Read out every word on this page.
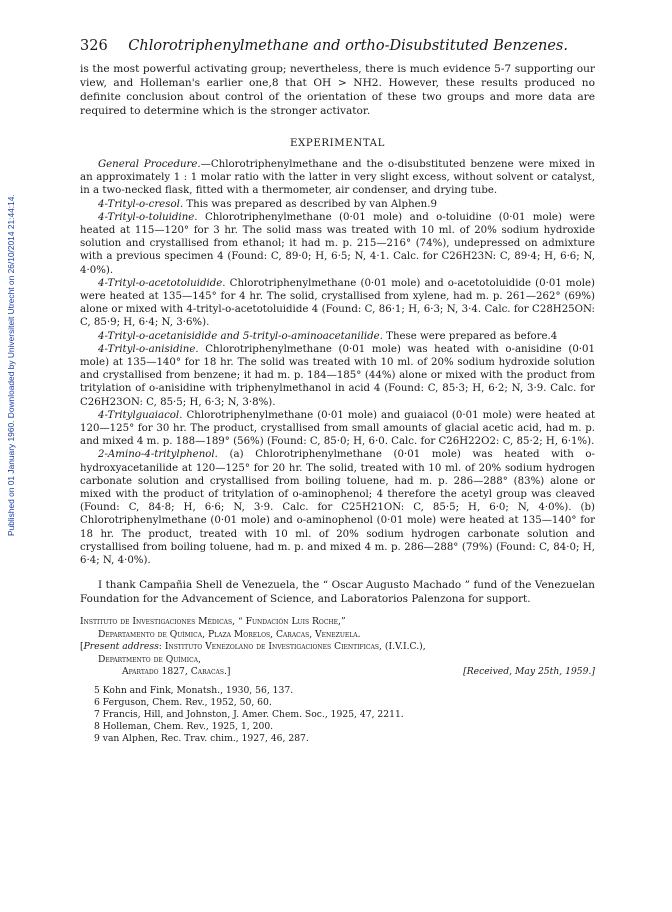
Published on 01 January 1960. Downloaded by Universiteit Utrecht on 26/10/2014 21:44:14.
326 Chlorotriphenylmethane and ortho-Disubstituted Benzenes.

is the most powerful activating group; nevertheless, there is much evidence 5-7 supporting our view, and Holleman's earlier one,8 that OH > NH2. However, these results produced no definite conclusion about control of the orientation of these two groups and more data are required to determine which is the stronger activator.

EXPERIMENTAL

General Procedure.—Chlorotriphenylmethane and the o-disubstituted benzene were mixed in an approximately 1 : 1 molar ratio with the latter in very slight excess, without solvent or catalyst, in a two-necked flask, fitted with a thermometer, air condenser, and drying tube.

4-Trityl-o-cresol. This was prepared as described by van Alphen.9

4-Trityl-o-toluidine. Chlorotriphenylmethane (0·01 mole) and o-toluidine (0·01 mole) were heated at 115—120° for 3 hr. The solid mass was treated with 10 ml. of 20% sodium hydroxide solution and crystallised from ethanol; it had m. p. 215—216° (74%), undepressed on admixture with a previous specimen 4 (Found: C, 89·0; H, 6·5; N, 4·1. Calc. for C26H23N: C, 89·4; H, 6·6; N, 4·0%).

4-Trityl-o-acetotoluidide. Chlorotriphenylmethane (0·01 mole) and o-acetotoluidide (0·01 mole) were heated at 135—145° for 4 hr. The solid, crystallised from xylene, had m. p. 261—262° (69%) alone or mixed with 4-trityl-o-acetotoluidide 4 (Found: C, 86·1; H, 6·3; N, 3·4. Calc. for C28H25ON: C, 85·9; H, 6·4; N, 3·6%).

4-Trityl-o-acetanisidide and 5-trityl-o-aminoacetanilide. These were prepared as before.4

4-Trityl-o-anisidine. Chlorotriphenylmethane (0·01 mole) was heated with o-anisidine (0·01 mole) at 135—140° for 18 hr. The solid was treated with 10 ml. of 20% sodium hydroxide solution and crystallised from benzene; it had m. p. 184—185° (44%) alone or mixed with the product from tritylation of o-anisidine with triphenylmethanol in acid 4 (Found: C, 85·3; H, 6·2; N, 3·9. Calc. for C26H23ON: C, 85·5; H, 6·3; N, 3·8%).

4-Tritylguaiacol. Chlorotriphenylmethane (0·01 mole) and guaiacol (0·01 mole) were heated at 120—125° for 30 hr. The product, crystallised from small amounts of glacial acetic acid, had m. p. and mixed 4 m. p. 188—189° (56%) (Found: C, 85·0; H, 6·0. Calc. for C26H22O2: C, 85·2; H, 6·1%).

2-Amino-4-tritylphenol. (a) Chlorotriphenylmethane (0·01 mole) was heated with o-hydroxyacetanilide at 120—125° for 20 hr. The solid, treated with 10 ml. of 20% sodium hydrogen carbonate solution and crystallised from boiling toluene, had m. p. 286—288° (83%) alone or mixed with the product of tritylation of o-aminophenol; 4 therefore the acetyl group was cleaved (Found: C, 84·8; H, 6·6; N, 3·9. Calc. for C25H21ON: C, 85·5; H, 6·0; N, 4·0%). (b) Chlorotriphenylmethane (0·01 mole) and o-aminophenol (0·01 mole) were heated at 135—140° for 18 hr. The product, treated with 10 ml. of 20% sodium hydrogen carbonate solution and crystallised from boiling toluene, had m. p. and mixed 4 m. p. 286—288° (79%) (Found: C, 84·0; H, 6·4; N, 4·0%).

I thank Campañia Shell de Venezuela, the “ Oscar Augusto Machado ” fund of the Venezuelan Foundation for the Advancement of Science, and Laboratorios Palenzona for support.

Instituto de Investigaciones Médicas, “ Fundación Luis Roche,”
Departamento de Química, Plaza Morelos, Caracas, Venezuela.
[Present address: Instituto Venezolano de Investigaciones Cientificas, (I.V.I.C.),
Departmento de Química,
Apartado 1827, Caracas.]	[Received, May 25th, 1959.]
5 Kohn and Fink, Monatsh., 1930, 56, 137.
6 Ferguson, Chem. Rev., 1952, 50, 60.
7 Francis, Hill, and Johnston, J. Amer. Chem. Soc., 1925, 47, 2211.
8 Holleman, Chem. Rev., 1925, 1, 200.
9 van Alphen, Rec. Trav. chim., 1927, 46, 287.
